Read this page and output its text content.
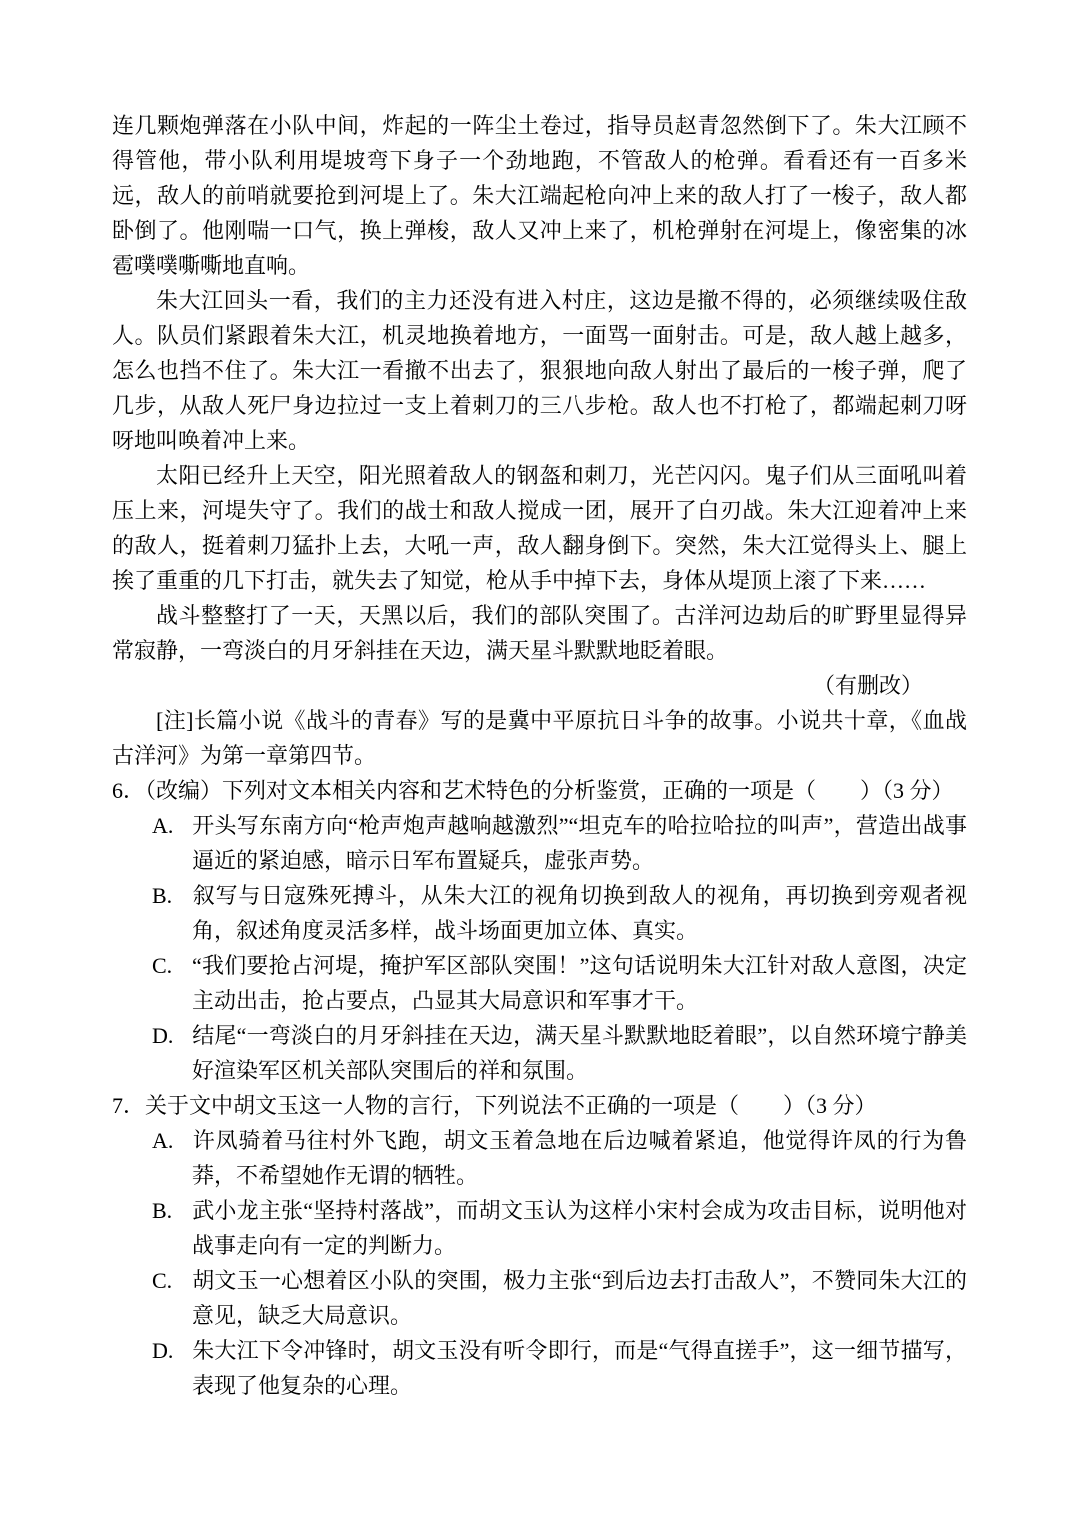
连几颗炮弹落在小队中间，炸起的一阵尘土卷过，指导员赵青忽然倒下了。朱大江顾不得管他，带小队利用堤坡弯下身子一个劲地跑，不管敌人的枪弹。看看还有一百多米远，敌人的前哨就要抢到河堤上了。朱大江端起枪向冲上来的敌人打了一梭子，敌人都卧倒了。他刚喘一口气，换上弹梭，敌人又冲上来了，机枪弹射在河堤上，像密集的冰雹噗噗嘶嘶地直响。

朱大江回头一看，我们的主力还没有进入村庄，这边是撤不得的，必须继续吸住敌人。队员们紧跟着朱大江，机灵地换着地方，一面骂一面射击。可是，敌人越上越多，怎么也挡不住了。朱大江一看撤不出去了，狠狠地向敌人射出了最后的一梭子弹，爬了几步，从敌人死尸身边拉过一支上着刺刀的三八步枪。敌人也不打枪了，都端起刺刀呀呀地叫唤着冲上来。

太阳已经升上天空，阳光照着敌人的钢盔和刺刀，光芒闪闪。鬼子们从三面吼叫着压上来，河堤失守了。我们的战士和敌人搅成一团，展开了白刃战。朱大江迎着冲上来的敌人，挺着刺刀猛扑上去，大吼一声，敌人翻身倒下。突然，朱大江觉得头上、腿上挨了重重的几下打击，就失去了知觉，枪从手中掉下去，身体从堤顶上滚了下来……

战斗整整打了一天，天黑以后，我们的部队突围了。古洋河边劫后的旷野里显得异常寂静，一弯淡白的月牙斜挂在天边，满天星斗默默地眨着眼。

（有删改）

[注]长篇小说《战斗的青春》写的是冀中平原抗日斗争的故事。小说共十章，《血战古洋河》为第一章第四节。

6．（改编）下列对文本相关内容和艺术特色的分析鉴赏，正确的一项是（　　）（3 分）

A. 开头写东南方向“枪声炮声越响越激烈”“坦克车的哈拉哈拉的叫声”，营造出战事逼近的紧迫感，暗示日军布置疑兵，虚张声势。
B. 叙写与日寇殊死搏斗，从朱大江的视角切换到敌人的视角，再切换到旁观者视角，叙述角度灵活多样，战斗场面更加立体、真实。
C. “我们要抢占河堤，掩护军区部队突围！”这句话说明朱大江针对敌人意图，决定主动出击，抢占要点，凸显其大局意识和军事才干。
D. 结尾“一弯淡白的月牙斜挂在天边，满天星斗默默地眨着眼”，以自然环境宁静美好渲染军区机关部队突围后的祥和氛围。

7．关于文中胡文玉这一人物的言行，下列说法不正确的一项是（　　）（3 分）

A. 许凤骑着马往村外飞跑，胡文玉着急地在后边喊着紧追，他觉得许凤的行为鲁莽，不希望她作无谓的牺牲。
B. 武小龙主张“坚持村落战”，而胡文玉认为这样小宋村会成为攻击目标，说明他对战事走向有一定的判断力。
C. 胡文玉一心想着区小队的突围，极力主张“到后边去打击敌人”，不赞同朱大江的意见，缺乏大局意识。
D. 朱大江下令冲锋时，胡文玉没有听令即行，而是“气得直搓手”，这一细节描写，表现了他复杂的心理。
